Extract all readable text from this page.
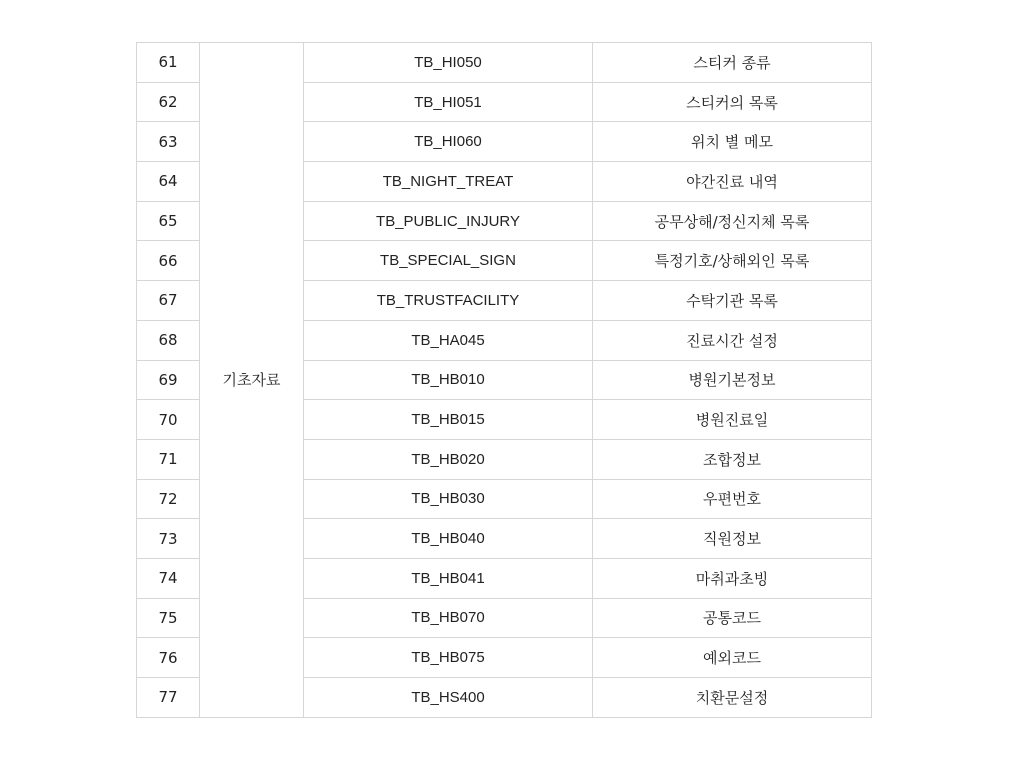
61	기초자료	TB_HI050	스티커 종류
62		TB_HI051	스티커의 목록
63		TB_HI060	위치 별 메모
64		TB_NIGHT_TREAT	야간진료 내역
65		TB_PUBLIC_INJURY	공무상해/정신지체 목록
66		TB_SPECIAL_SIGN	특정기호/상해외인 목록
67		TB_TRUSTFACILITY	수탁기관 목록
68		TB_HA045	진료시간 설정
69		TB_HB010	병원기본정보
70		TB_HB015	병원진료일
71		TB_HB020	조합정보
72		TB_HB030	우편번호
73		TB_HB040	직원정보
74		TB_HB041	마취과초빙
75		TB_HB070	공통코드
76		TB_HB075	예외코드
77		TB_HS400	치환문설정
